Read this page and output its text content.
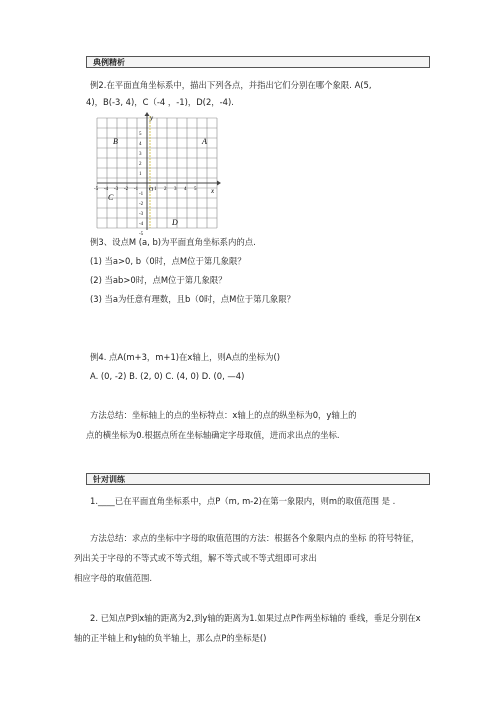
典例精析
例2.在平面直角坐标系中，描出下列各点，并指出它们分别在哪个象限. A(5,
4)，B(-3, 4)，C（-4 ，-1)，D(2，-4).
x
y
O
A
B
C
D
-5 -4 -3 -2 -1	1 2 3 4 5
5
4
3
2
1
-1
-2
-3
-4
-5
例3、设点M (a, b)为平面直角坐标系内的点.
(1) 当a>0, b（0时，点M位于第几象限？
(2) 当ab>0时，点M位于第几象限？
(3) 当a为任意有理数，且b（0时，点M位于第几象限？
例4. 点A(m+3，m+1)在x轴上，则A点的坐标为()
A. (0, -2) B. (2, 0) C. (4, 0) D. (0, —4)
方法总结：坐标轴上的点的坐标特点：x轴上的点的纵坐标为0，y轴上的
点的横坐标为0.根据点所在坐标轴确定字母取值，进而求出点的坐标.
针对训练
1.____已在平面直角坐标系中，点P（m, m-2)在第一象限内，则m的取值范围 是 .
方法总结：求点的坐标中字母的取值范围的方法：根据各个象限内点的坐标 的符号特征，
列出关于字母的不等式或不等式组，解不等式或不等式组即可求出
相应字母的取值范围.
2. 已知点P到x轴的距离为2,到y轴的距离为1.如果过点P作两坐标轴的 垂线，垂足分别在x
轴的正半轴上和y轴的负半轴上，那么点P的坐标是()
